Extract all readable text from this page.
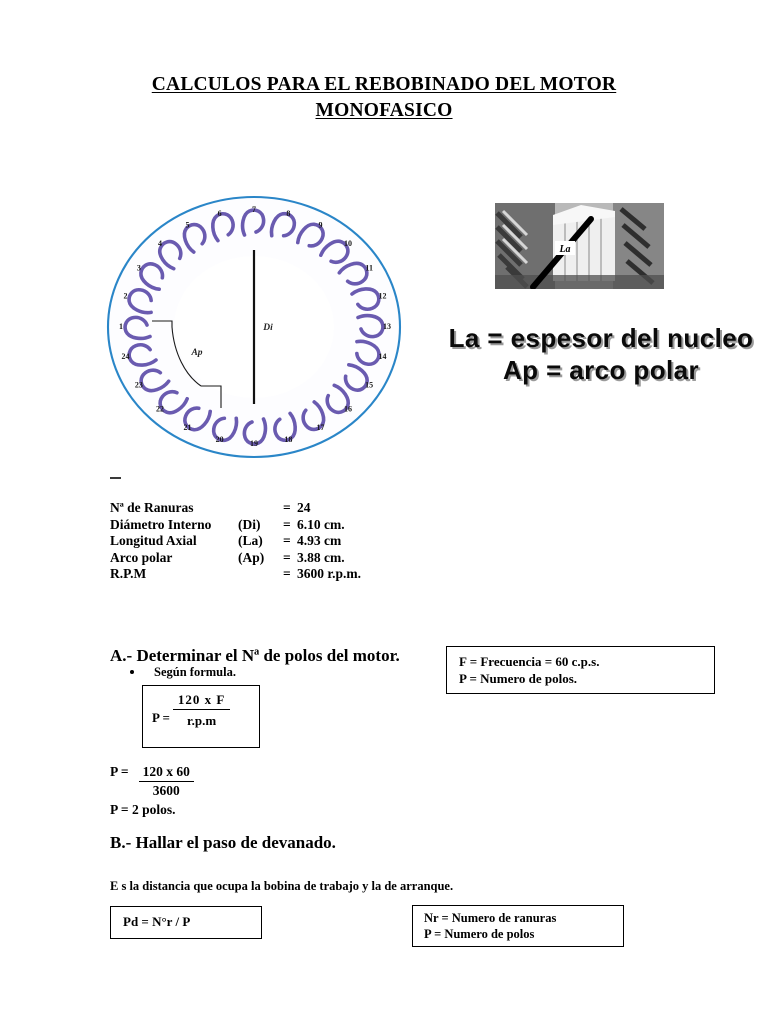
CALCULOS PARA EL REBOBINADO DEL MOTOR
MONOFASICO
Di
Ap
1
2
3
4
5
6	7	8
9
10
11
12
13
14
15
16
17
18
19
20
21
22
23
24
La
La = espesor del nucleo
Ap = arco polar
Nª de Ranuras		=	24
Diámetro Interno	(Di)	=	6.10 cm.
Longitud Axial	(La)	=	4.93 cm
Arco polar	(Ap)	=	3.88 cm.
R.P.M		=	3600 r.p.m.
A.- Determinar el Nª de polos del motor.
Según formula.
$P = \frac{\text{120 x F}}{r.p.m}$
F = Frecuencia = 60 c.p.s.
P = Numero de polos.
P = 120 x 60
3600
P = 2 polos.
B.- Hallar el paso de devanado.
E s la distancia que ocupa la bobina de trabajo y la de arranque.
Pd = N°r / P	Nr = Numero de ranuras
P = Numero de polos
